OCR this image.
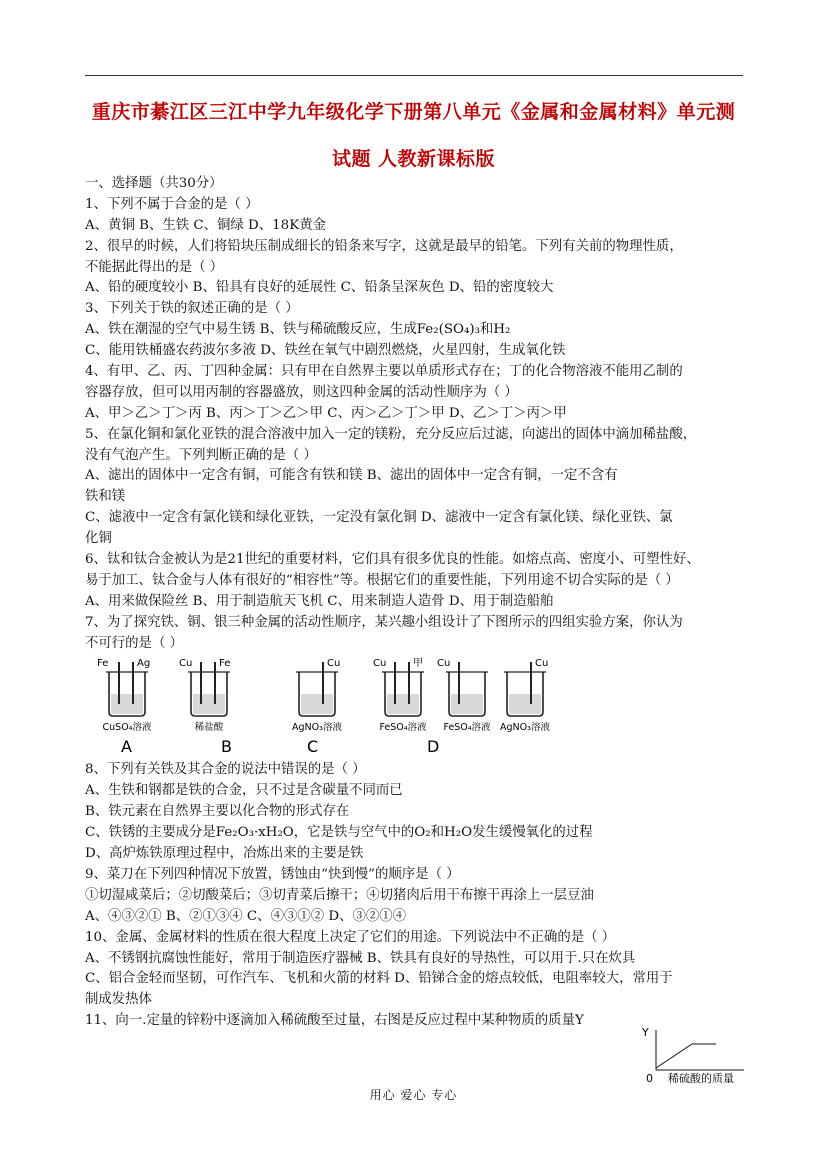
重庆市綦江区三江中学九年级化学下册第八单元《金属和金属材料》单元测
试题 人教新课标版
一、选择题（共30分）
1、下列不属于合金的是（ ）
A、黄铜 B、生铁 C、铜绿 D、18K黄金
2、很早的时候，人们将铅块压制成细长的铅条来写字，这就是最早的铅笔。下列有关前的物理性质，
不能据此得出的是（ ）
A、铅的硬度较小 B、铅具有良好的延展性 C、铅条呈深灰色 D、铅的密度较大
3、下列关于铁的叙述正确的是（ ）
A、铁在潮湿的空气中易生锈 B、铁与稀硫酸反应，生成Fe₂(SO₄)₃和H₂
C、能用铁桶盛农药波尔多液 D、铁丝在氧气中剧烈燃烧，火星四射，生成氧化铁
4、有甲、乙、丙、丁四种金属：只有甲在自然界主要以单质形式存在；丁的化合物溶液不能用乙制的
容器存放，但可以用丙制的容器盛放，则这四种金属的活动性顺序为（ ）
A、甲＞乙＞丁＞丙 B、丙＞丁＞乙＞甲 C、丙＞乙＞丁＞甲 D、乙＞丁＞丙＞甲
5、在氯化铜和氯化亚铁的混合溶液中加入一定的镁粉，充分反应后过滤，向滤出的固体中滴加稀盐酸，
没有气泡产生。下列判断正确的是（ ）
A、滤出的固体中一定含有铜，可能含有铁和镁 B、滤出的固体中一定含有铜，一定不含有
铁和镁
C、滤液中一定含有氯化镁和绿化亚铁，一定没有氯化铜 D、滤液中一定含有氯化镁、绿化亚铁、氯
化铜
6、钛和钛合金被认为是21世纪的重要材料，它们具有很多优良的性能。如熔点高、密度小、可塑性好、
易于加工、钛合金与人体有很好的“相容性”等。根据它们的重要性能，下列用途不切合实际的是（ ）
A、用来做保险丝 B、用于制造航天飞机 C、用来制造人造骨 D、用于制造船舶
7、为了探究铁、铜、银三种金属的活动性顺序，某兴趣小组设计了下图所示的四组实验方案，你认为
不可行的是（ ）
Fe	Ag
CuSO₄溶液
Cu	Fe
稀盐酸
Cu
AgNO₃溶液
Cu	甲
FeSO₄溶液
Cu
FeSO₄溶液
Cu
AgNO₃溶液
A	B	C	D
8、下列有关铁及其合金的说法中错误的是（ ）
A、生铁和钢都是铁的合金，只不过是含碳量不同而已
B、铁元素在自然界主要以化合物的形式存在
C、铁锈的主要成分是Fe₂O₃·xH₂O，它是铁与空气中的O₂和H₂O发生缓慢氧化的过程
D、高炉炼铁原理过程中，冶炼出来的主要是铁
9、菜刀在下列四种情况下放置，锈蚀由“快到慢”的顺序是（ ）
①切湿咸菜后；②切酸菜后；③切青菜后擦干；④切猪肉后用干布擦干再涂上一层豆油
A、④③②① B、②①③④ C、④③①② D、③②①④
10、金属、金属材料的性质在很大程度上决定了它们的用途。下列说法中不正确的是（ ）
A、不锈钢抗腐蚀性能好，常用于制造医疗器械 B、铁具有良好的导热性，可以用于.只在炊具
C、铝合金轻而坚韧，可作汽车、飞机和火箭的材料 D、铅锑合金的熔点较低，电阻率较大，常用于
制成发热体
11、向一.定量的锌粉中逐滴加入稀硫酸至过量，右图是反应过程中某种物质的质量Y
Y
0 稀硫酸的质量
用心 爱心 专心
